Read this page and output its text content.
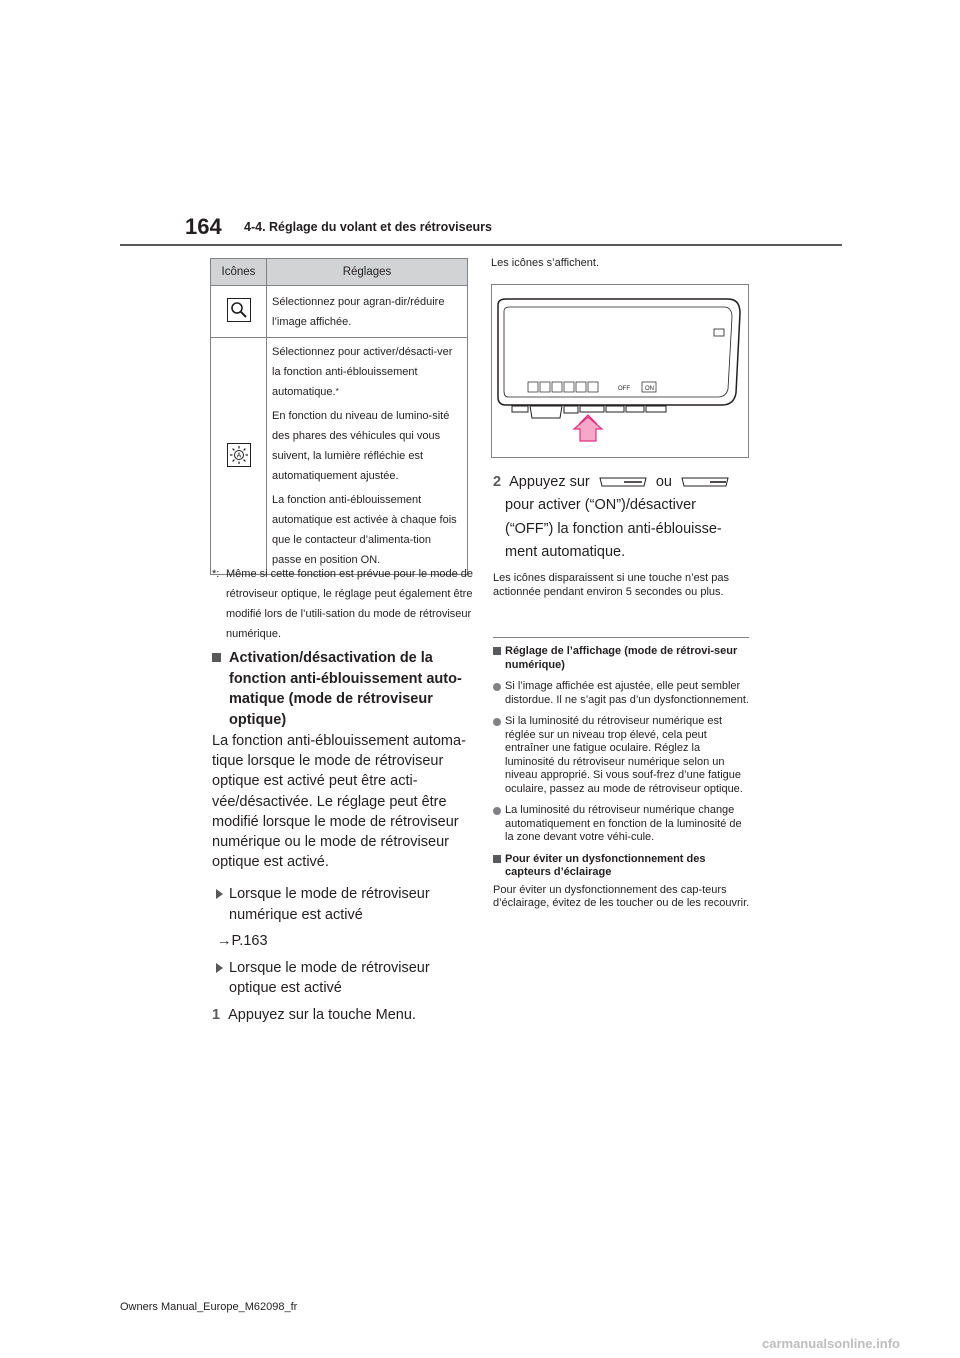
164 4-4. Réglage du volant et des rétroviseurs
Icônes	Réglages
	Sélectionnez pour agran-dir/réduire l’image affichée.

A	Sélectionnez pour activer/désacti-ver la fonction anti-éblouissement automatique.*

En fonction du niveau de lumino-sité des phares des véhicules qui vous suivent, la lumière réfléchie est automatiquement ajustée.

La fonction anti-éblouissement automatique est activée à chaque fois que le contacteur d’alimenta-tion passe en position ON.

*: Même si cette fonction est prévue pour le mode de rétroviseur optique, le réglage peut également être modifié lors de l’utili-sation du mode de rétroviseur numérique.
Activation/désactivation de la fonction anti-éblouissement auto-matique (mode de rétroviseur optique)
La fonction anti-éblouissement automa-tique lorsque le mode de rétroviseur optique est activé peut être acti-vée/désactivée. Le réglage peut être modifié lorsque le mode de rétroviseur numérique ou le mode de rétroviseur optique est activé.
Lorsque le mode de rétroviseur numérique est activé
→P.163
Lorsque le mode de rétroviseur optique est activé
1 Appuyez sur la touche Menu.
Les icônes s’affichent.
OFF	ON
2 Appuyez sur	ou
pour activer (“ON”)/désactiver
(“OFF”) la fonction anti-éblouisse-
ment automatique.
Les icônes disparaissent si une touche n’est pas actionnée pendant environ 5 secondes ou plus.
Réglage de l’affichage (mode de rétrovi-seur numérique)
Si l’image affichée est ajustée, elle peut sembler distordue. Il ne s’agit pas d’un dysfonctionnement.
Si la luminosité du rétroviseur numérique est réglée sur un niveau trop élevé, cela peut entraîner une fatigue oculaire. Réglez la luminosité du rétroviseur numérique selon un niveau approprié. Si vous souf-frez d’une fatigue oculaire, passez au mode de rétroviseur optique.
La luminosité du rétroviseur numérique change automatiquement en fonction de la luminosité de la zone devant votre véhi-cule.
Pour éviter un dysfonctionnement des capteurs d’éclairage
Pour éviter un dysfonctionnement des cap-teurs d’éclairage, évitez de les toucher ou de les recouvrir.
Owners Manual_Europe_M62098_fr
carmanualsonline.info
